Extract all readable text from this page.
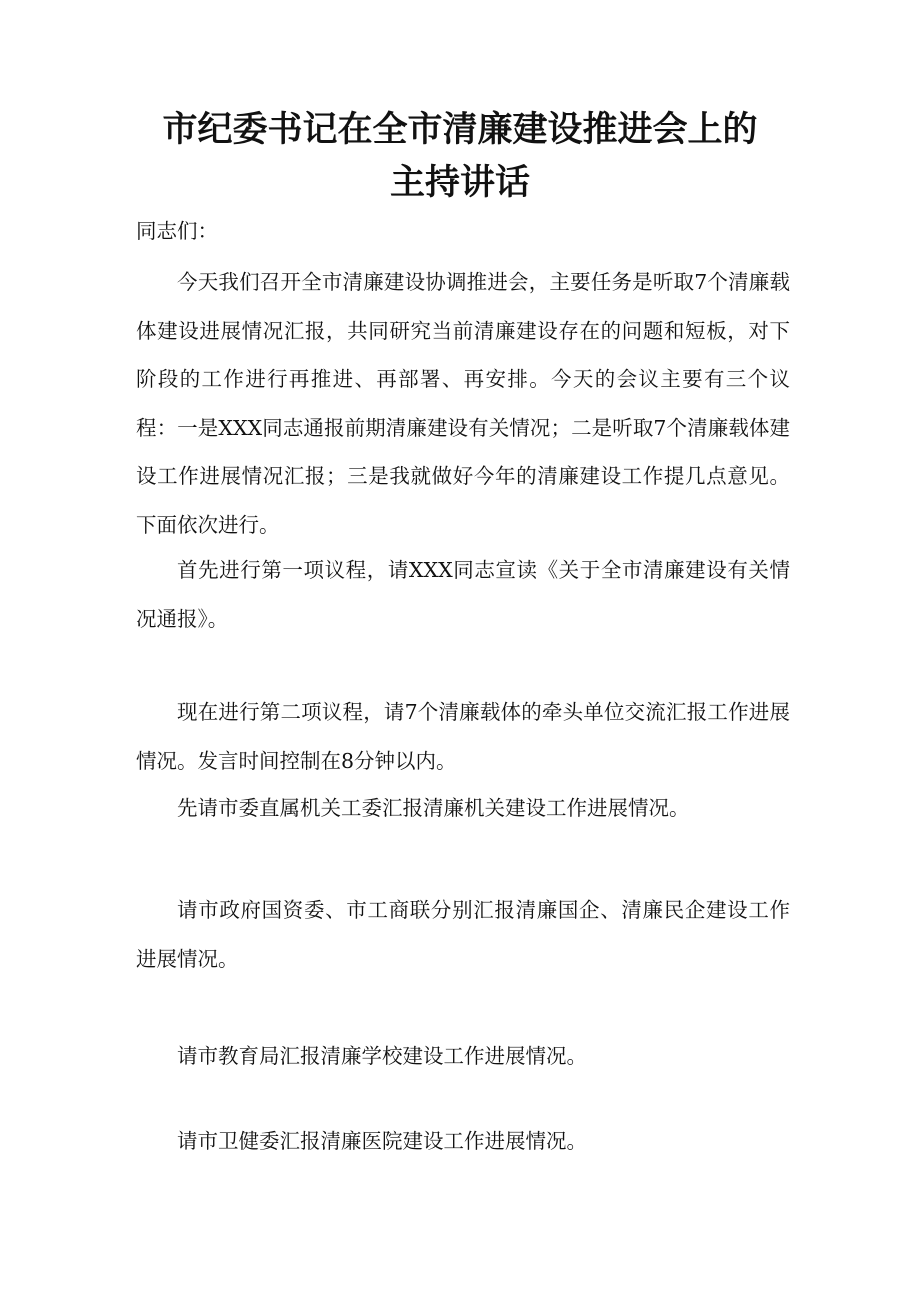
市纪委书记在全市清廉建设推进会上的
主持讲话

同志们：

今天我们召开全市清廉建设协调推进会，主要任务是听取7个清廉载体建设进展情况汇报，共同研究当前清廉建设存在的问题和短板，对下阶段的工作进行再推进、再部署、再安排。今天的会议主要有三个议程：一是XXX同志通报前期清廉建设有关情况；二是听取7个清廉载体建设工作进展情况汇报；三是我就做好今年的清廉建设工作提几点意见。下面依次进行。

首先进行第一项议程，请XXX同志宣读《关于全市清廉建设有关情况通报》。

现在进行第二项议程，请7个清廉载体的牵头单位交流汇报工作进展情况。发言时间控制在8分钟以内。

先请市委直属机关工委汇报清廉机关建设工作进展情况。

请市政府国资委、市工商联分别汇报清廉国企、清廉民企建设工作进展情况。

请市教育局汇报清廉学校建设工作进展情况。

请市卫健委汇报清廉医院建设工作进展情况。
